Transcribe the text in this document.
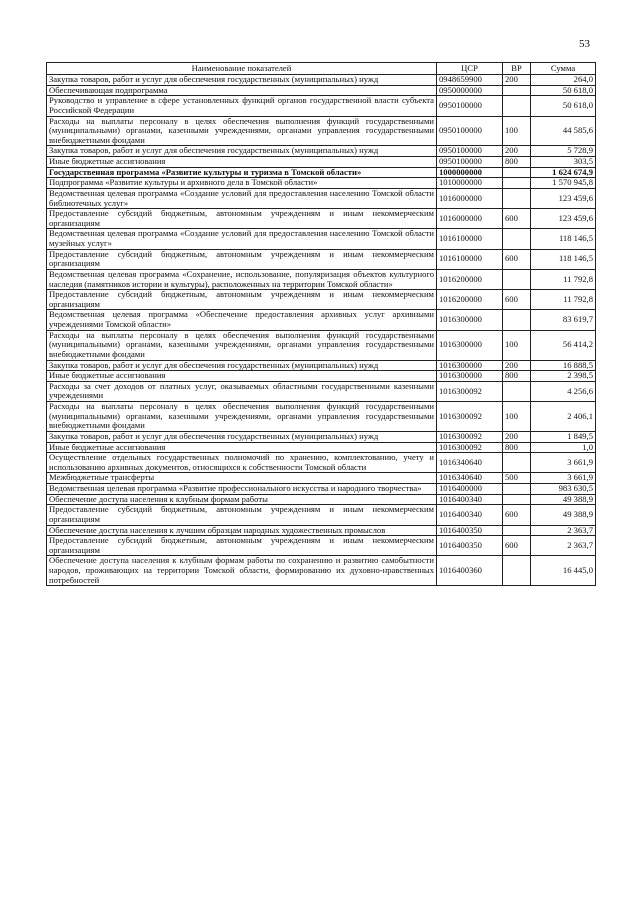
53
Наименование показателей	ЦСР	ВР	Сумма
Закупка товаров, работ и услуг для обеспечения государственных (муниципальных) нужд	0948659900	200	264,0
Обеспечивающая подпрограмма	0950000000		50 618,0
Руководство и управление в сфере установленных функций органов государственной власти субъекта Российской Федерации	0950100000		50 618,0
Расходы на выплаты персоналу в целях обеспечения выполнения функций государственными (муниципальными) органами, казенными учреждениями, органами управления государственными внебюджетными фондами	0950100000	100	44 585,6
Закупка товаров, работ и услуг для обеспечения государственных (муниципальных) нужд	0950100000	200	5 728,9
Иные бюджетные ассигнования	0950100000	800	303,5
Государственная программа «Развитие культуры и туризма в Томской области»	1000000000		1 624 674,9
Подпрограмма «Развитие культуры и архивного дела в Томской области»	1010000000		1 570 945,8
Ведомственная целевая программа «Создание условий для предоставления населению Томской области библиотечных услуг»	1016000000		123 459,6
Предоставление субсидий бюджетным, автономным учреждениям и иным некоммерческим организациям	1016000000	600	123 459,6
Ведомственная целевая программа «Создание условий для предоставления населению Томской области музейных услуг»	1016100000		118 146,5
Предоставление субсидий бюджетным, автономным учреждениям и иным некоммерческим организациям	1016100000	600	118 146,5
Ведомственная целевая программа «Сохранение, использование, популяризация объектов культурного наследия (памятников истории и культуры), расположенных на территории Томской области»	1016200000		11 792,8
Предоставление субсидий бюджетным, автономным учреждениям и иным некоммерческим организациям	1016200000	600	11 792,8
Ведомственная целевая программа «Обеспечение предоставления архивных услуг архивными учреждениями Томской области»	1016300000		83 619,7
Расходы на выплаты персоналу в целях обеспечения выполнения функций государственными (муниципальными) органами, казенными учреждениями, органами управления государственными внебюджетными фондами	1016300000	100	56 414,2
Закупка товаров, работ и услуг для обеспечения государственных (муниципальных) нужд	1016300000	200	16 888,5
Иные бюджетные ассигнования	1016300000	800	2 398,5
Расходы за счет доходов от платных услуг, оказываемых областными государственными казенными учреждениями	1016300092		4 256,6
Расходы на выплаты персоналу в целях обеспечения выполнения функций государственными (муниципальными) органами, казенными учреждениями, органами управления государственными внебюджетными фондами	1016300092	100	2 406,1
Закупка товаров, работ и услуг для обеспечения государственных (муниципальных) нужд	1016300092	200	1 849,5
Иные бюджетные ассигнования	1016300092	800	1,0
Осуществление отдельных государственных полномочий по хранению, комплектованию, учету и использованию архивных документов, относящихся к собственности Томской области	1016340640		3 661,9
Межбюджетные трансферты	1016340640	500	3 661,9
Ведомственная целевая программа «Развитие профессионального искусства и народного творчества»	1016400000		983 630,5
Обеспечение доступа населения к клубным формам работы	1016400340		49 388,9
Предоставление субсидий бюджетным, автономным учреждениям и иным некоммерческим организациям	1016400340	600	49 388,9
Обеспечение доступа населения к лучшим образцам народных художественных промыслов	1016400350		2 363,7
Предоставление субсидий бюджетным, автономным учреждениям и иным некоммерческим организациям	1016400350	600	2 363,7
Обеспечение доступа населения к клубным формам работы по сохранению и развитию самобытности народов, проживающих на территории Томской области, формированию их духовно-нравственных потребностей	1016400360		16 445,0
